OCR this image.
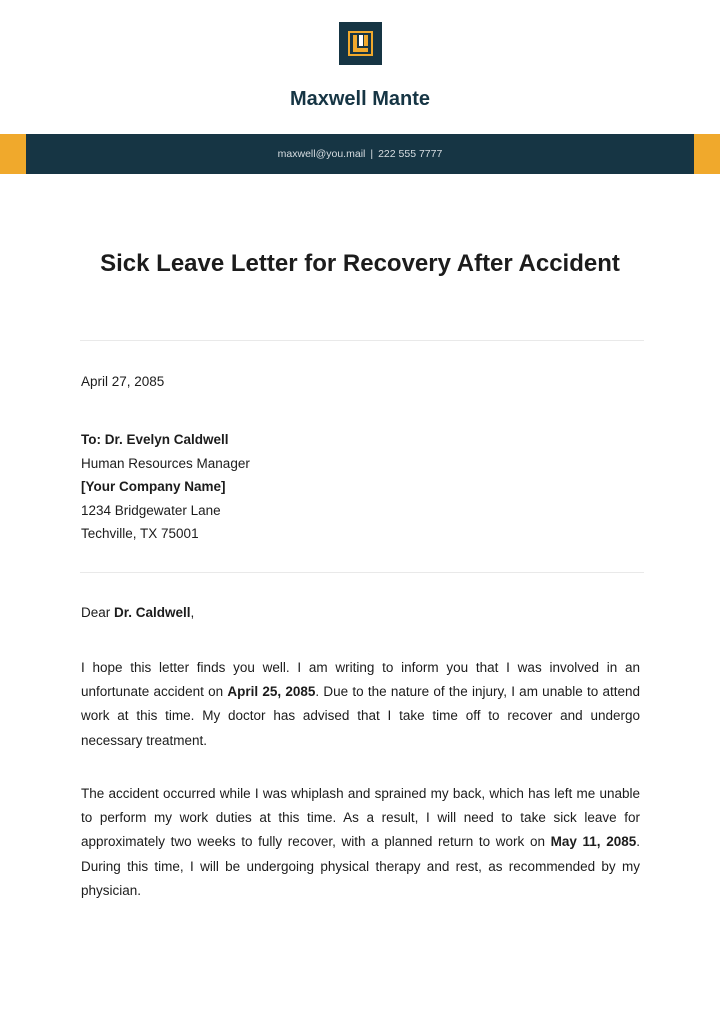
Maxwell Mante
maxwell@you.mail | 222 555 7777
Sick Leave Letter for Recovery After Accident
April 27, 2085
To: Dr. Evelyn Caldwell
Human Resources Manager
[Your Company Name]
1234 Bridgewater Lane
Techville, TX 75001
Dear Dr. Caldwell,

I hope this letter finds you well. I am writing to inform you that I was involved in an unfortunate accident on April 25, 2085. Due to the nature of the injury, I am unable to attend work at this time. My doctor has advised that I take time off to recover and undergo necessary treatment.

The accident occurred while I was whiplash and sprained my back, which has left me unable to perform my work duties at this time. As a result, I will need to take sick leave for approximately two weeks to fully recover, with a planned return to work on May 11, 2085. During this time, I will be undergoing physical therapy and rest, as recommended by my physician.
